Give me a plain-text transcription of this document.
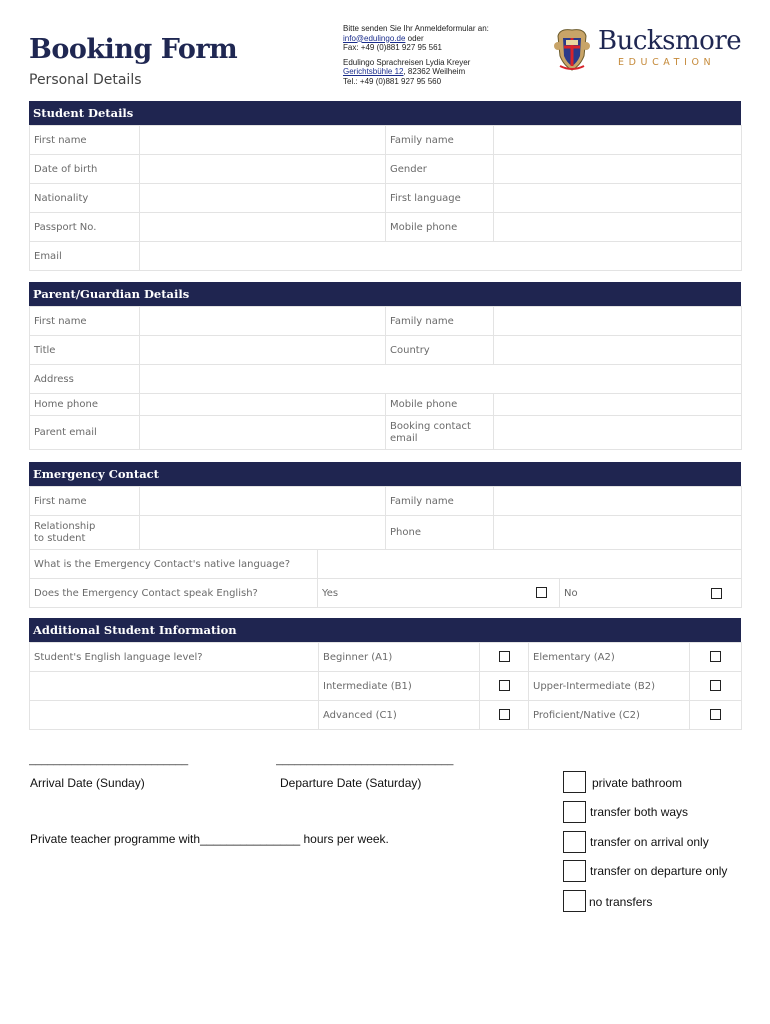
Booking Form
Personal Details
Bitte senden Sie Ihr Anmeldeformular an:
info@edulingo.de oder
Fax: +49 (0)881 927 95 561
Edulingo Sprachreisen Lydia Kreyer
Gerichtsbühle 12, 82362 Weilheim
Tel.: +49 (0)881 927 95 560
Bucksmore
EDUCATION
Student Details
First name		Family name	
Date of birth		Gender	
Nationality		First language	
Passport No.		Mobile phone	
Email			
Parent/Guardian Details
First name		Family name	
Title		Country	
Address			
Home phone		Mobile phone	
Parent email		Booking contact email	
Emergency Contact
First name			Family name		
Relationship to student			Phone		
What is the Emergency Contact's native language?					
Does the Emergency Contact speak English?		Yes			No
Additional Student Information
Student's English language level?	Beginner (A1)		Elementary (A2)	
	Intermediate (B1)		Upper-Intermediate (B2)	
	Advanced (C1)		Proficient/Native (C2)	
__________________________	_____________________________
Arrival Date (Sunday)	Departure Date (Saturday)
Private teacher programme with_______________ hours per week.
private bathroom
transfer both ways
transfer on arrival only
transfer on departure only
no transfers
